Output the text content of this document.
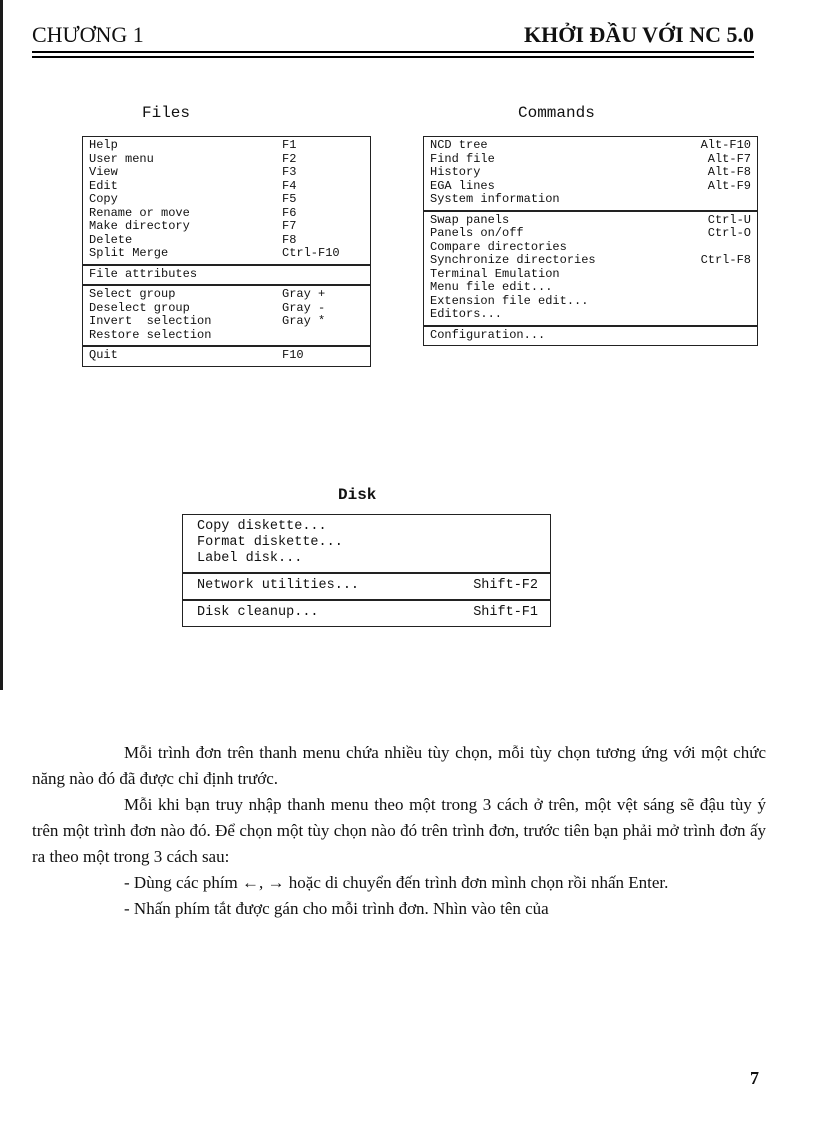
CHƯƠNG 1	KHỞI ĐẦU VỚI NC 5.0
Files
Help	F1
User menu	F2
View	F3
Edit	F4
Copy	F5
Rename or move	F6
Make directory	F7
Delete	F8
Split Merge	Ctrl-F10
File attributes
Select group	Gray +
Deselect group	Gray -
Invert  selection	Gray *
Restore selection
Quit	F10
Commands
NCD tree	Alt-F10
Find file	Alt-F7
History	Alt-F8
EGA lines	Alt-F9
System information
Swap panels	Ctrl-U
Panels on/off	Ctrl-O
Compare directories
Synchronize directories	Ctrl-F8
Terminal Emulation
Menu file edit...
Extension file edit...
Editors...
Configuration...
Disk
Copy diskette...
Format diskette...
Label disk...
Network utilities...	Shift-F2
Disk cleanup...	Shift-F1

Mỗi trình đơn trên thanh menu chứa nhiều tùy chọn, mỗi tùy chọn tương ứng với một chức năng nào đó đã được chỉ định trước.

Mỗi khi bạn truy nhập thanh menu theo một trong 3 cách ở trên, một vệt sáng sẽ đậu tùy ý trên một trình đơn nào đó. Để chọn một tùy chọn nào đó trên trình đơn, trước tiên bạn phải mở trình đơn ấy ra theo một trong 3 cách sau:

- Dùng các phím ←, → hoặc di chuyển đến trình đơn mình chọn rồi nhấn Enter.

- Nhấn phím tắt được gán cho mỗi trình đơn. Nhìn vào tên của

7
